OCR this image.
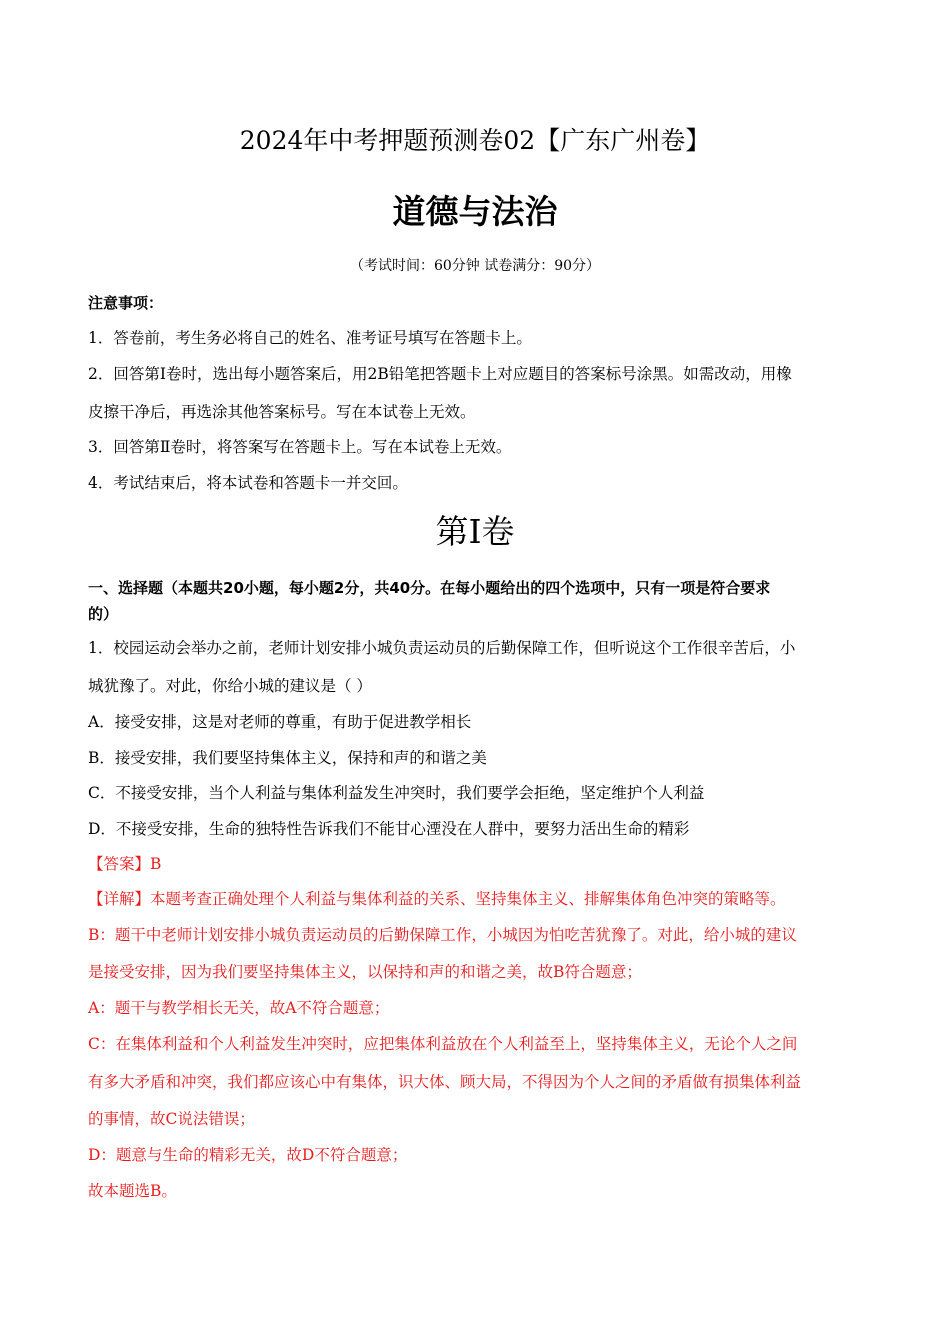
2024年中考押题预测卷02【广东广州卷】
道德与法治

（考试时间：60分钟 试卷满分：90分）

注意事项：

1．答卷前，考生务必将自己的姓名、准考证号填写在答题卡上。

2．回答第Ⅰ卷时，选出每小题答案后，用2B铅笔把答题卡上对应题目的答案标号涂黑。如需改动，用橡

皮擦干净后，再选涂其他答案标号。写在本试卷上无效。

3．回答第Ⅱ卷时，将答案写在答题卡上。写在本试卷上无效。

4．考试结束后，将本试卷和答题卡一并交回。

第Ⅰ卷

一、选择题（本题共20小题，每小题2分，共40分。在每小题给出的四个选项中，只有一项是符合要求

的）

1．校园运动会举办之前，老师计划安排小城负责运动员的后勤保障工作，但听说这个工作很辛苦后，小

城犹豫了。对此，你给小城的建议是（ ）

A．接受安排，这是对老师的尊重，有助于促进教学相长

B．接受安排，我们要坚持集体主义，保持和声的和谐之美

C．不接受安排，当个人利益与集体利益发生冲突时，我们要学会拒绝，坚定维护个人利益

D．不接受安排，生命的独特性告诉我们不能甘心湮没在人群中，要努力活出生命的精彩

【答案】B

【详解】本题考查正确处理个人利益与集体利益的关系、坚持集体主义、排解集体角色冲突的策略等。

B：题干中老师计划安排小城负责运动员的后勤保障工作，小城因为怕吃苦犹豫了。对此，给小城的建议

是接受安排，因为我们要坚持集体主义，以保持和声的和谐之美，故B符合题意；

A：题干与教学相长无关，故A不符合题意；

C：在集体利益和个人利益发生冲突时，应把集体利益放在个人利益至上，坚持集体主义，无论个人之间

有多大矛盾和冲突，我们都应该心中有集体，识大体、顾大局，不得因为个人之间的矛盾做有损集体利益

的事情，故C说法错误；

D：题意与生命的精彩无关，故D不符合题意；

故本题选B。
